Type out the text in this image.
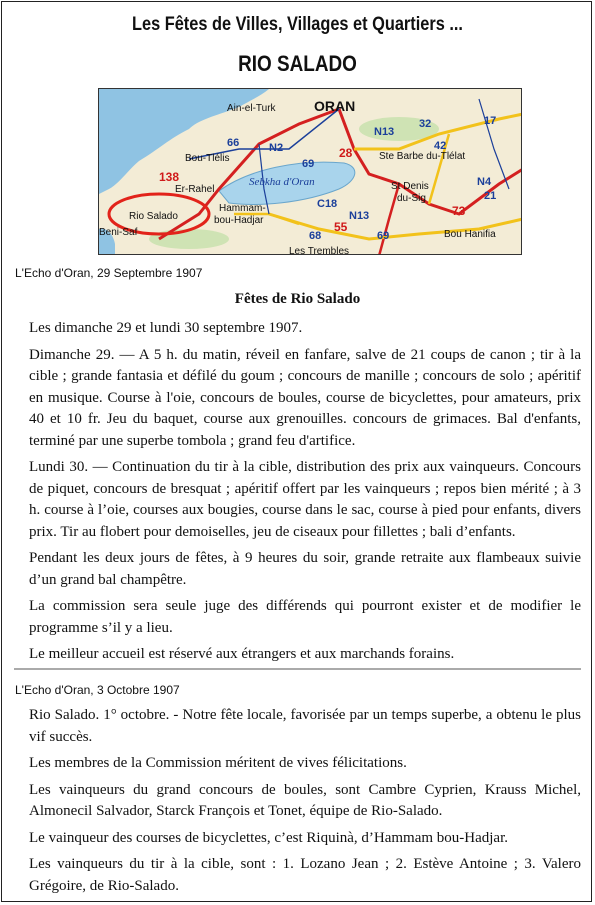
Les Fêtes de Villes, Villages et Quartiers ...
RIO SALADO
Ain-el-Turk	ORAN
Bou-Tlélis
Er-Rahel
Rio Salado
Hammam-
bou-Hadjar
Beni-Saf
Ste Barbe du-Tlélat
St Denis
du-Sig
Bou Hanifia
Les Trembles
Sebkha d'Oran
66	N2
69
N13
32
42
17
N4
21
C18
N13
69
68
138
28
55
73
L'Echo d'Oran, 29 Septembre 1907
Fêtes de Rio Salado

Les dimanche 29 et lundi 30 septembre 1907.

Dimanche 29. — A 5 h. du matin, réveil en fanfare, salve de 21 coups de canon ; tir à la cible ; grande fantasia et défilé du goum ; concours de manille ; concours de solo ; apéritif en musique. Course à l'oie, concours de boules, course de bicyclettes, pour amateurs, prix 40 et 10 fr. Jeu du baquet, course aux grenouilles. concours de grimaces. Bal d'enfants, terminé par une superbe tombola ; grand feu d'artifice.

Lundi 30. — Continuation du tir à la cible, distribution des prix aux vainqueurs. Concours de piquet, concours de bresquat ; apéritif offert par les vainqueurs ; repos bien mérité ; à 3 h. course à l’oie, courses aux bougies, course dans le sac, course à pied pour enfants, divers prix. Tir au flobert pour demoiselles, jeu de ciseaux pour fillettes ; bali d’enfants.

Pendant les deux jours de fêtes, à 9 heures du soir, grande retraite aux flambeaux suivie d’un grand bal champêtre.

La commission sera seule juge des différends qui pourront exister et de modifier le programme s’il y a lieu.

Le meilleur accueil est réservé aux étrangers et aux marchands forains.

L'Echo d'Oran, 3 Octobre 1907

Rio Salado. 1° octobre. - Notre fête locale, favorisée par un temps superbe, a obtenu le plus vif succès.

Les membres de la Commission méritent de vives félicitations.

Les vainqueurs du grand concours de boules, sont Cambre Cyprien, Krauss Michel, Almonecil Salvador, Starck François et Tonet, équipe de Rio-Salado.

Le vainqueur des courses de bicyclettes, c’est Riquinà, d’Hammam bou-Hadjar.

Les vainqueurs du tir à la cible, sont : 1. Lozano Jean ; 2. Estève Antoine ; 3. Valero Grégoire, de Rio-Salado.
